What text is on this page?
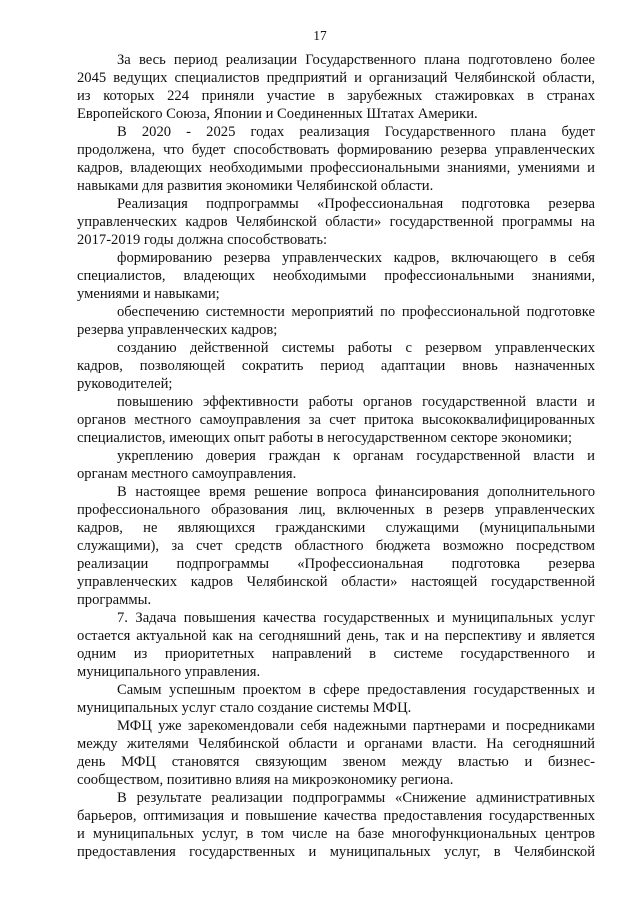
17
За весь период реализации Государственного плана подготовлено более
2045 ведущих специалистов предприятий и организаций Челябинской области,
из которых 224 приняли участие в зарубежных стажировках в странах
Европейского Союза, Японии и Соединенных Штатах Америки.
В 2020 - 2025 годах реализация Государственного плана будет
продолжена, что будет способствовать формированию резерва управленческих
кадров, владеющих необходимыми профессиональными знаниями, умениями и
навыками для развития экономики Челябинской области.
Реализация подпрограммы «Профессиональная подготовка резерва
управленческих кадров Челябинской области» государственной программы на
2017-2019 годы должна способствовать:
формированию резерва управленческих кадров, включающего в себя
специалистов, владеющих необходимыми профессиональными знаниями,
умениями и навыками;
обеспечению системности мероприятий по профессиональной подготовке
резерва управленческих кадров;
созданию действенной системы работы с резервом управленческих
кадров, позволяющей сократить период адаптации вновь назначенных
руководителей;
повышению эффективности работы органов государственной власти и
органов местного самоуправления за счет притока высококвалифицированных
специалистов, имеющих опыт работы в негосударственном секторе экономики;
укреплению доверия граждан к органам государственной власти и
органам местного самоуправления.
В настоящее время решение вопроса финансирования дополнительного
профессионального образования лиц, включенных в резерв управленческих
кадров, не являющихся гражданскими служащими (муниципальными
служащими), за счет средств областного бюджета возможно посредством
реализации подпрограммы «Профессиональная подготовка резерва
управленческих кадров Челябинской области» настоящей государственной
программы.
7. Задача повышения качества государственных и муниципальных услуг
остается актуальной как на сегодняшний день, так и на перспективу и является
одним из приоритетных направлений в системе государственного и
муниципального управления.
Самым успешным проектом в сфере предоставления государственных и
муниципальных услуг стало создание системы МФЦ.
МФЦ уже зарекомендовали себя надежными партнерами и посредниками
между жителями Челябинской области и органами власти. На сегодняшний
день МФЦ становятся связующим звеном между властью и бизнес-
сообществом, позитивно влияя на микроэкономику региона.
В результате реализации подпрограммы «Снижение административных
барьеров, оптимизация и повышение качества предоставления государственных
и муниципальных услуг, в том числе на базе многофункциональных центров
предоставления государственных и муниципальных услуг, в Челябинской
